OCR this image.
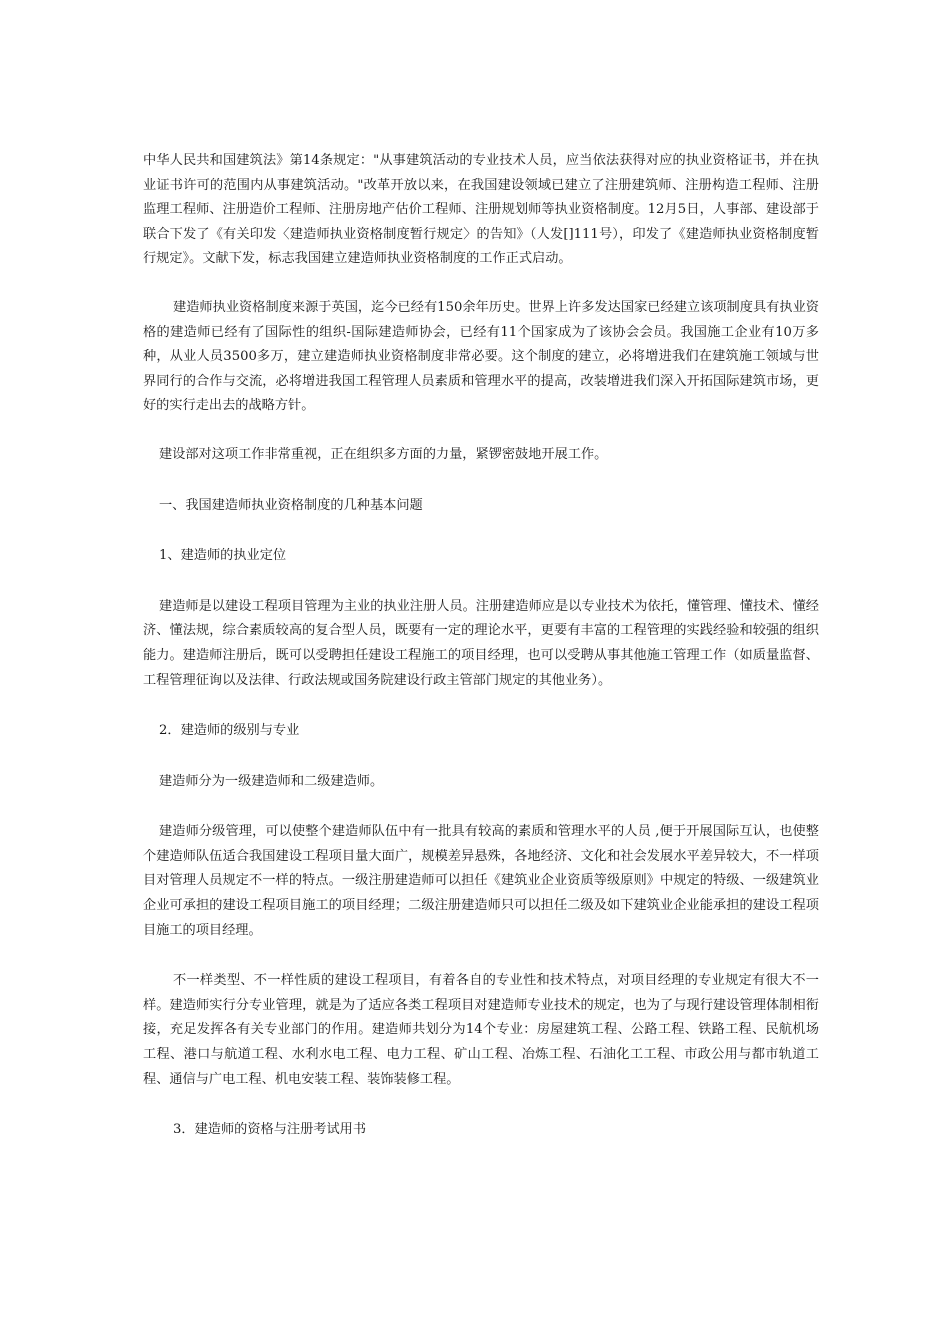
中华人民共和国建筑法》第14条规定："从事建筑活动的专业技术人员，应当依法获得对应的执业资格证书，并在执业证书许可的范围内从事建筑活动。"改革开放以来，在我国建设领域已建立了注册建筑师、注册构造工程师、注册监理工程师、注册造价工程师、注册房地产估价工程师、注册规划师等执业资格制度。12月5日，人事部、建设部于联合下发了《有关印发〈建造师执业资格制度暂行规定〉的告知》（人发[]111号），印发了《建造师执业资格制度暂行规定》。文献下发，标志我国建立建造师执业资格制度的工作正式启动。

建造师执业资格制度来源于英国，迄今已经有150余年历史。世界上许多发达国家已经建立该项制度具有执业资格的建造师已经有了国际性的组织-国际建造师协会，已经有11个国家成为了该协会会员。我国施工企业有10万多种，从业人员3500多万，建立建造师执业资格制度非常必要。这个制度的建立，必将增进我们在建筑施工领域与世界同行的合作与交流，必将增进我国工程管理人员素质和管理水平的提高，改装增进我们深入开拓国际建筑市场，更好的实行走出去的战略方针。

建设部对这项工作非常重视，正在组织多方面的力量，紧锣密鼓地开展工作。

一、我国建造师执业资格制度的几种基本问题

1、建造师的执业定位

建造师是以建设工程项目管理为主业的执业注册人员。注册建造师应是以专业技术为依托，懂管理、懂技术、懂经济、懂法规，综合素质较高的复合型人员，既要有一定的理论水平，更要有丰富的工程管理的实践经验和较强的组织能力。建造师注册后，既可以受聘担任建设工程施工的项目经理，也可以受聘从事其他施工管理工作（如质量监督、工程管理征询以及法律、行政法规或国务院建设行政主管部门规定的其他业务）。

2．建造师的级别与专业

建造师分为一级建造师和二级建造师。

建造师分级管理，可以使整个建造师队伍中有一批具有较高的素质和管理水平的人员 ,便于开展国际互认，也使整个建造师队伍适合我国建设工程项目量大面广，规模差异悬殊，各地经济、文化和社会发展水平差异较大，不一样项目对管理人员规定不一样的特点。一级注册建造师可以担任《建筑业企业资质等级原则》中规定的特级、一级建筑业企业可承担的建设工程项目施工的项目经理；二级注册建造师只可以担任二级及如下建筑业企业能承担的建设工程项目施工的项目经理。

不一样类型、不一样性质的建设工程项目，有着各自的专业性和技术特点，对项目经理的专业规定有很大不一样。建造师实行分专业管理，就是为了适应各类工程项目对建造师专业技术的规定，也为了与现行建设管理体制相衔接，充足发挥各有关专业部门的作用。建造师共划分为14个专业：房屋建筑工程、公路工程、铁路工程、民航机场工程、港口与航道工程、水利水电工程、电力工程、矿山工程、冶炼工程、石油化工工程、市政公用与都市轨道工程、通信与广电工程、机电安装工程、装饰装修工程。

3．建造师的资格与注册考试用书
